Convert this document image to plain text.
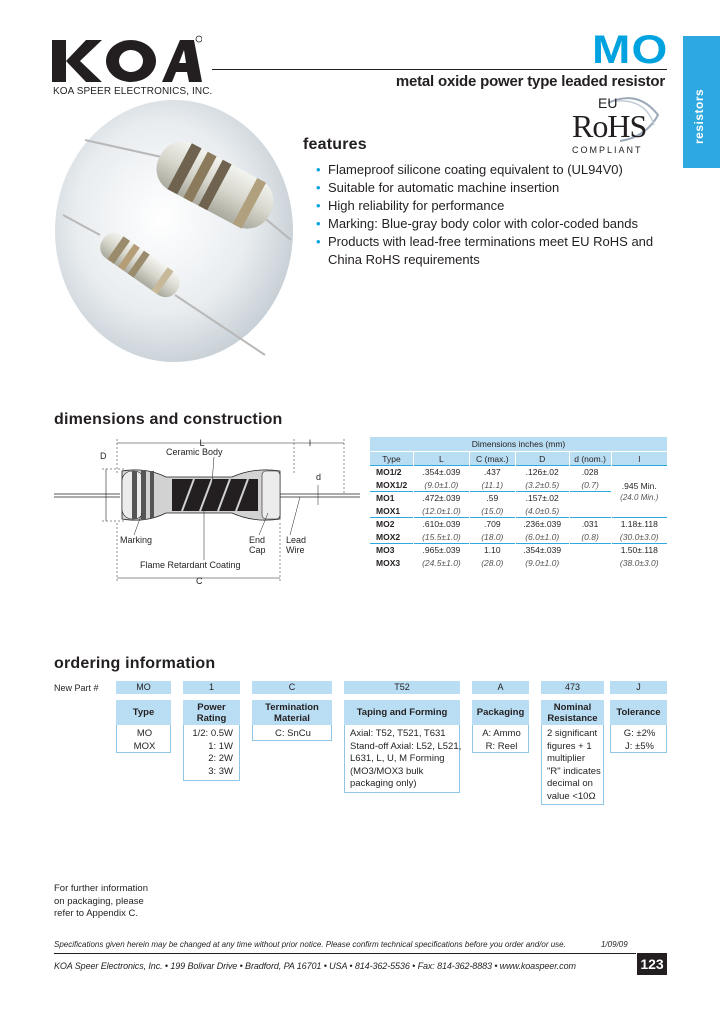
KOA SPEER ELECTRONICS, INC.
MO
metal oxide power type leaded resistor
resistors
EU
RoHS
COMPLIANT
features
• Flameproof silicone coating equivalent to (UL94V0)
• Suitable for automatic machine insertion
• High reliability for performance
• Marking: Blue-gray body color with color-coded bands
• Products with lead-free terminations meet EU RoHS and China RoHS requirements
dimensions and construction
L	l
Ceramic Body
D
d
Marking	End
Cap
Lead
Wire
Flame Retardant Coating
C
Dimensions inches (mm)					
Type	L	C (max.)	D	d (nom.)	l
MO1/2	.354±.039	.437	.126±.02	.028	.945 Min.
(24.0 Min.)

MOX1/2	(9.0±1.0)	(11.1)	(3.2±0.5)	(0.7)	
MO1	.472±.039	.59	.157±.02		
MOX1	(12.0±1.0)	(15.0)	(4.0±0.5)		
MO2	.610±.039	.709	.236±.039	.031	1.18±.118
MOX2	(15.5±1.0)	(18.0)	(6.0±1.0)	(0.8)	(30.0±3.0)
MO3	.965±.039	1.10	.354±.039		1.50±.118
MOX3	(24.5±1.0)	(28.0)	(9.0±1.0)		(38.0±3.0)
ordering information
New Part #	MO	1	C	T52	A	473	J
Type
MO
MOX
Power Rating
1/2: 0.5W
1: 1W
2: 2W
3: 3W
Termination Material
C: SnCu
Taping and Forming
Axial: T52, T521, T631
Stand-off Axial: L52, L521,
L631, L, U, M Forming
(MO3/MOX3 bulk
packaging only)
Packaging
A: Ammo
R: Reel
Nominal Resistance
2 significant
figures + 1
multiplier
"R" indicates
decimal on
value <10Ω
Tolerance
G: ±2%
J: ±5%
For further information
on packaging, please
refer to Appendix C.
Specifications given herein may be changed at any time without prior notice. Please confirm technical specifications before you order and/or use.	1/09/09
KOA Speer Electronics, Inc. • 199 Bolivar Drive • Bradford, PA 16701 • USA • 814-362-5536 • Fax: 814-362-8883 • www.koaspeer.com	123
